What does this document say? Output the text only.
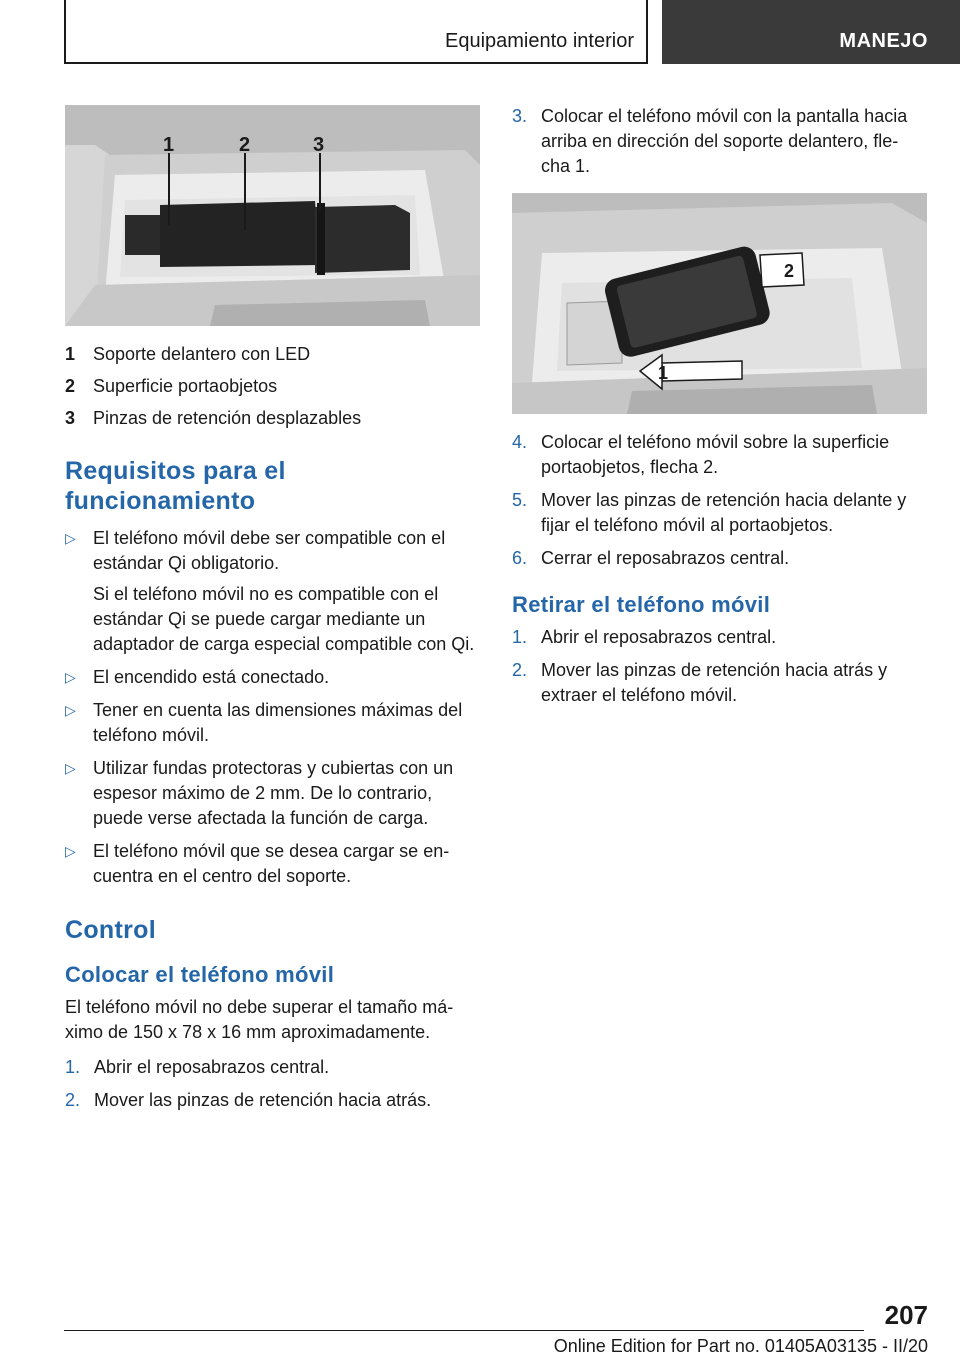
Equipamiento interior	MANEJO
1	2	3
1 Soporte delantero con LED
2 Superficie portaobjetos
3 Pinzas de retención desplazables
Requisitos para el funcionamiento
▷ El teléfono móvil debe ser compatible con el estándar Qi obligatorio.
Si el teléfono móvil no es compatible con el estándar Qi se puede cargar mediante un adaptador de carga especial compatible con Qi.
▷ El encendido está conectado.
▷ Tener en cuenta las dimensiones máximas del teléfono móvil.
▷ Utilizar fundas protectoras y cubiertas con un espesor máximo de 2 mm. De lo contrario, puede verse afectada la función de carga.
▷ El teléfono móvil que se desea cargar se en‐cuentra en el centro del soporte.
Control
Colocar el teléfono móvil

El teléfono móvil no debe superar el tamaño má‐ximo de 150 x 78 x 16 mm aproximadamente.

1. Abrir el reposabrazos central.
2. Mover las pinzas de retención hacia atrás.
3. Colocar el teléfono móvil con la pantalla hacia arriba en dirección del soporte delantero, fle‐cha 1.
1
2
4. Colocar el teléfono móvil sobre la superficie portaobjetos, flecha 2.
5. Mover las pinzas de retención hacia delante y fijar el teléfono móvil al portaobjetos.
6. Cerrar el reposabrazos central.
Retirar el teléfono móvil
1. Abrir el reposabrazos central.
2. Mover las pinzas de retención hacia atrás y extraer el teléfono móvil.
207
Online Edition for Part no. 01405A03135 - II/20
